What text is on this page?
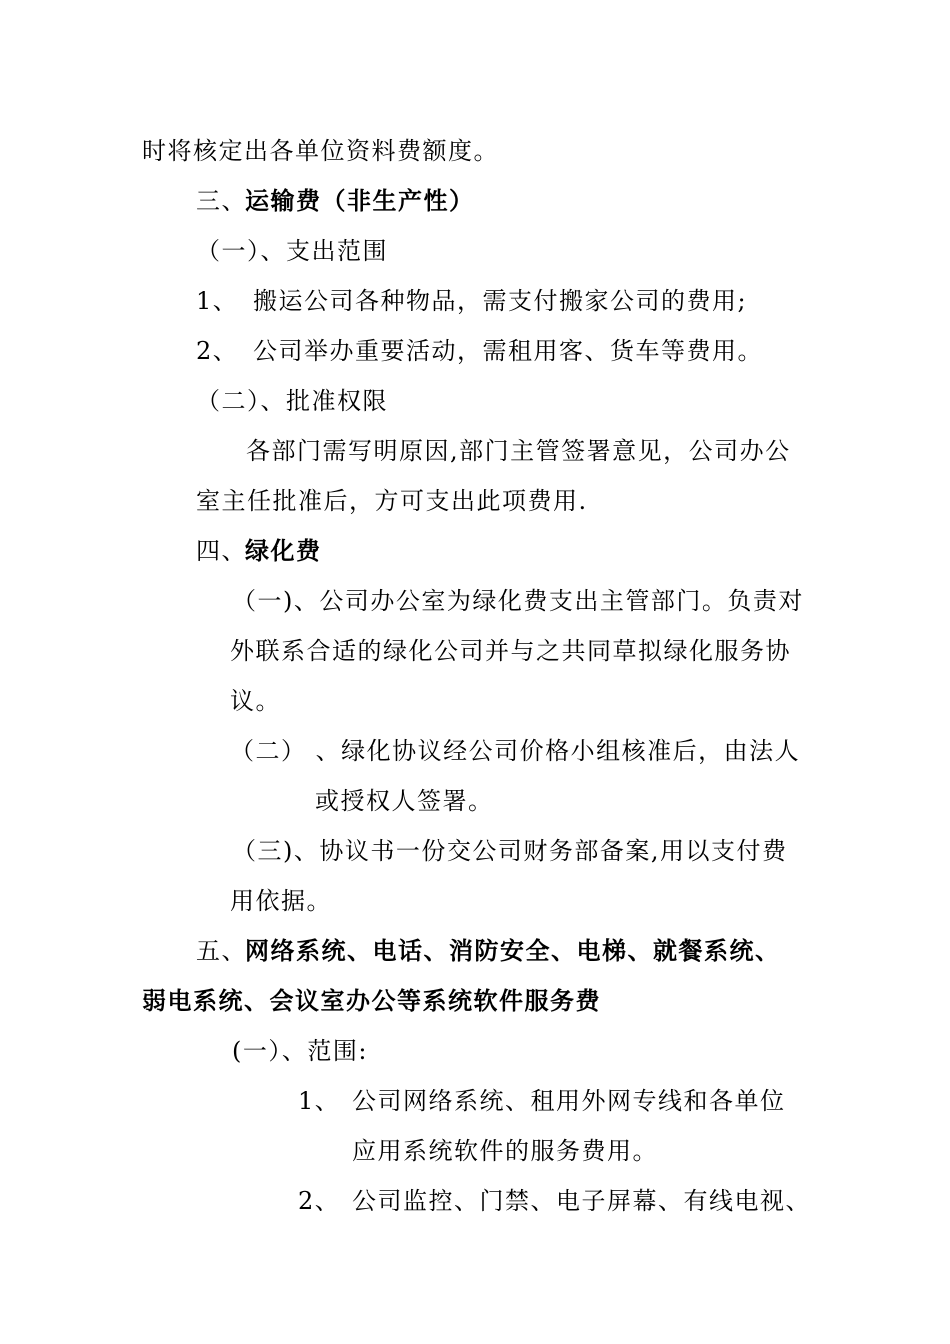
时将核定出各单位资料费额度。
三、
运输费（非生产性）
（一）、支出范围
1、 搬运公司各种物品，需支付搬家公司的费用;
2、 公司举办重要活动，需租用客、货车等费用。
（二）、批准权限
各部门需写明原因,部门主管签署意见，公司办公
室主任批准后，方可支出此项费用.
四、
绿化费
（一)、公司办公室为绿化费支出主管部门。负责对
外联系合适的绿化公司并与之共同草拟绿化服务协
议。
（二） 、绿化协议经公司价格小组核准后，由法人
或授权人签署。
（三)、协议书一份交公司财务部备案,用以支付费
用依据。
五、
网络系统、电话、消防安全、电梯、就餐系统、
弱电系统、会议室办公等系统软件服务费
(一）、范围:
1、 公司网络系统、租用外网专线和各单位
应用系统软件的服务费用。
2、 公司监控、门禁、电子屏幕、有线电视、
